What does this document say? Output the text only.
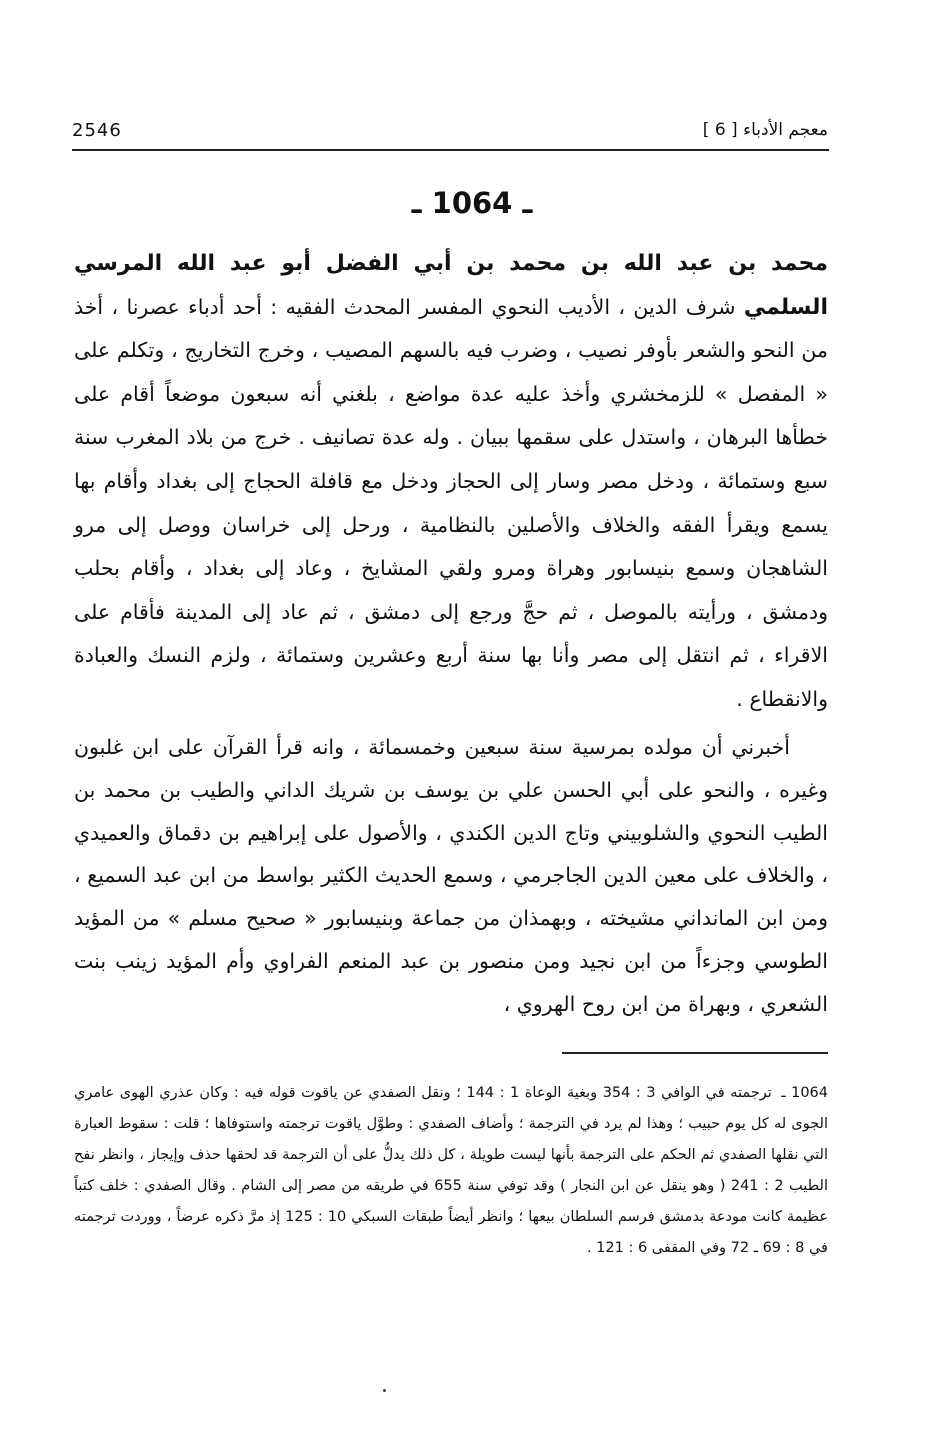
2546	معجم الأدباء [ 6 ]
ـ 1064 ـ
محمد بن عبد الله بن محمد بن أبي الفضل أبو عبد الله المرسي السلمي شرف الدين ، الأديب النحوي المفسر المحدث الفقيه : أحد أدباء عصرنا ، أخذ من النحو والشعر بأوفر نصيب ، وضرب فيه بالسهم المصيب ، وخرج التخاريج ، وتكلم على « المفصل » للزمخشري وأخذ عليه عدة مواضع ، بلغني أنه سبعون موضعاً أقام على خطأها البرهان ، واستدل على سقمها ببيان . وله عدة تصانيف . خرج من بلاد المغرب سنة سبع وستمائة ، ودخل مصر وسار إلى الحجاز ودخل مع قافلة الحجاج إلى بغداد وأقام بها يسمع ويقرأ الفقه والخلاف والأصلين بالنظامية ، ورحل إلى خراسان ووصل إلى مرو الشاهجان وسمع بنيسابور وهراة ومرو ولقي المشايخ ، وعاد إلى بغداد ، وأقام بحلب ودمشق ، ورأيته بالموصل ، ثم حجَّ ورجع إلى دمشق ، ثم عاد إلى المدينة فأقام على الاقراء ، ثم انتقل إلى مصر وأنا بها سنة أربع وعشرين وستمائة ، ولزم النسك والعبادة والانقطاع .
أخبرني أن مولده بمرسية سنة سبعين وخمسمائة ، وانه قرأ القرآن على ابن غلبون وغيره ، والنحو على أبي الحسن علي بن يوسف بن شريك الداني والطيب بن محمد بن الطيب النحوي والشلوبيني وتاج الدين الكندي ، والأصول على إبراهيم بن دقماق والعميدي ، والخلاف على معين الدين الجاجرمي ، وسمع الحديث الكثير بواسط من ابن عبد السميع ، ومن ابن المانداني مشيخته ، وبهمذان من جماعة وبنيسابور « صحيح مسلم » من المؤيد الطوسي وجزءاً من ابن نجيد ومن منصور بن عبد المنعم الفراوي وأم المؤيد زينب بنت الشعري ، وبهراة من ابن روح الهروي ،
1064 ـ ترجمته في الوافي 3 : 354 وبغية الوعاة 1 : 144 ؛ ونقل الصفدي عن ياقوت قوله فيه : وكان عذري الهوى عامري الجوى له كل يوم حبيب ؛ وهذا لم يرد في الترجمة ؛ وأضاف الصفدي : وطوَّل ياقوت ترجمته واستوفاها ؛ قلت : سقوط العبارة التي نقلها الصفدي ثم الحكم على الترجمة بأنها ليست طويلة ، كل ذلك يدلُّ على أن الترجمة قد لحقها حذف وإيجاز ، وانظر نفح الطيب 2 : 241 ( وهو ينقل عن ابن النجار ) وقد توفي سنة 655 في طريقه من مصر إلى الشام . وقال الصفدي : خلف كتباً عظيمة كانت مودعة بدمشق فرسم السلطان بيعها ؛ وانظر أيضاً طبقات السبكي 10 : 125 إذ مرَّ ذكره عرضاً ، ووردت ترجمته في 8 : 69 ـ 72 وفي المقفى 6 : 121 .
